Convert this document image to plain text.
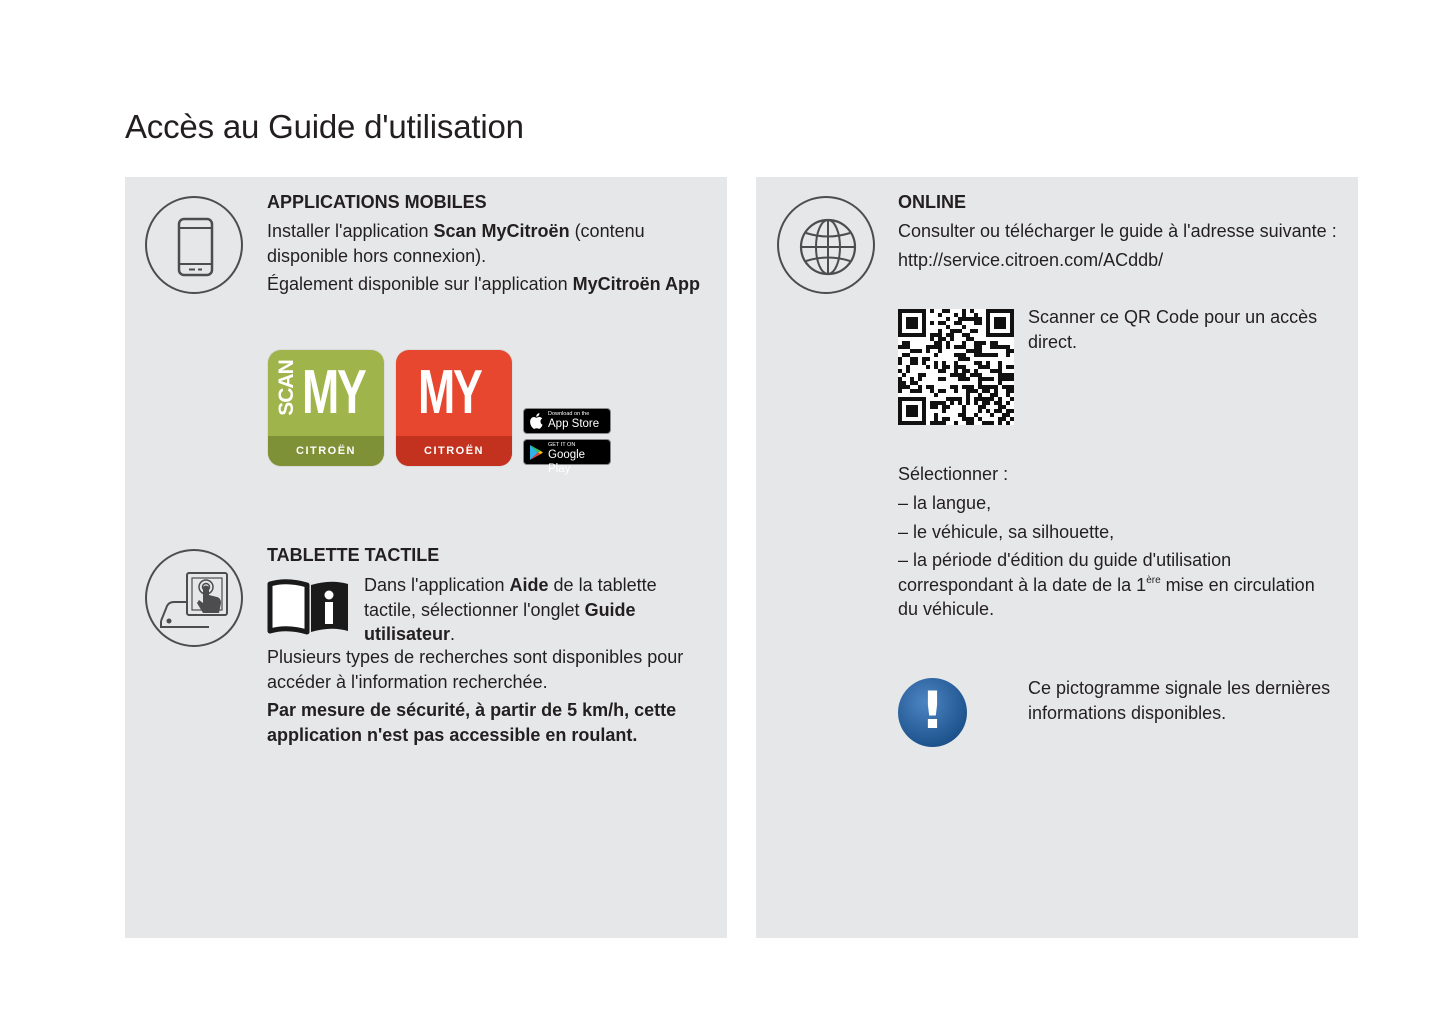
Accès au Guide d'utilisation
APPLICATIONS MOBILES
Installer l'application Scan MyCitroën (contenu disponible hors connexion).
Également disponible sur l'application MyCitroën App
SCAN MY
CITROËN
MY
CITROËN
Download on the
App Store
GET IT ON
Google Play
TABLETTE TACTILE
Dans l'application Aide de la tablette tactile, sélectionner l'onglet Guide utilisateur.
Plusieurs types de recherches sont disponibles pour accéder à l'information recherchée.
Par mesure de sécurité, à partir de 5 km/h, cette application n'est pas accessible en roulant.
ONLINE
Consulter ou télécharger le guide à l'adresse suivante :
http://service.citroen.com/ACddb/
Scanner ce QR Code pour un accès direct.
Sélectionner :
– la langue,
– le véhicule, sa silhouette,
– la période d'édition du guide d'utilisation correspondant à la date de la 1ère mise en circulation du véhicule.
!	Ce pictogramme signale les dernières informations disponibles.
